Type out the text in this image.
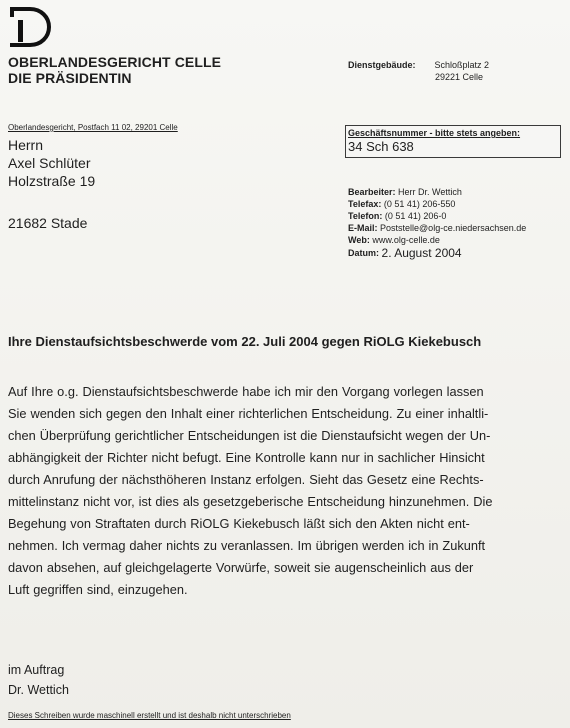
OBERLANDESGERICHT CELLE
DIE PRÄSIDENTIN
Dienstgebäude: Schloßplatz 2
29221 Celle
Oberlandesgericht, Postfach 11 02, 29201 Celle
Herrn
Axel Schlüter
Holzstraße 19
21682 Stade
Geschäftsnummer - bitte stets angeben:
34 Sch 638
Bearbeiter: Herr Dr. Wettich
Telefax: (0 51 41) 206-550
Telefon: (0 51 41) 206-0
E-Mail: Poststelle@olg-ce.niedersachsen.de
Web: www.olg-celle.de
Datum: 2. August 2004
Ihre Dienstaufsichtsbeschwerde vom 22. Juli 2004 gegen RiOLG Kiekebusch
Auf Ihre o.g. Dienstaufsichtsbeschwerde habe ich mir den Vorgang vorlegen lassen
Sie wenden sich gegen den Inhalt einer richterlichen Entscheidung. Zu einer inhaltli-
chen Überprüfung gerichtlicher Entscheidungen ist die Dienstaufsicht wegen der Un-
abhängigkeit der Richter nicht befugt. Eine Kontrolle kann nur in sachlicher Hinsicht
durch Anrufung der nächsthöheren Instanz erfolgen. Sieht das Gesetz eine Rechts-
mittelinstanz nicht vor, ist dies als gesetzgeberische Entscheidung hinzunehmen. Die
Begehung von Straftaten durch RiOLG Kiekebusch läßt sich den Akten nicht ent-
nehmen. Ich vermag daher nichts zu veranlassen. Im übrigen werden ich in Zukunft
davon absehen, auf gleichgelagerte Vorwürfe, soweit sie augenscheinlich aus der
Luft gegriffen sind, einzugehen.
im Auftrag
Dr. Wettich
Dieses Schreiben wurde maschinell erstellt und ist deshalb nicht unterschrieben
